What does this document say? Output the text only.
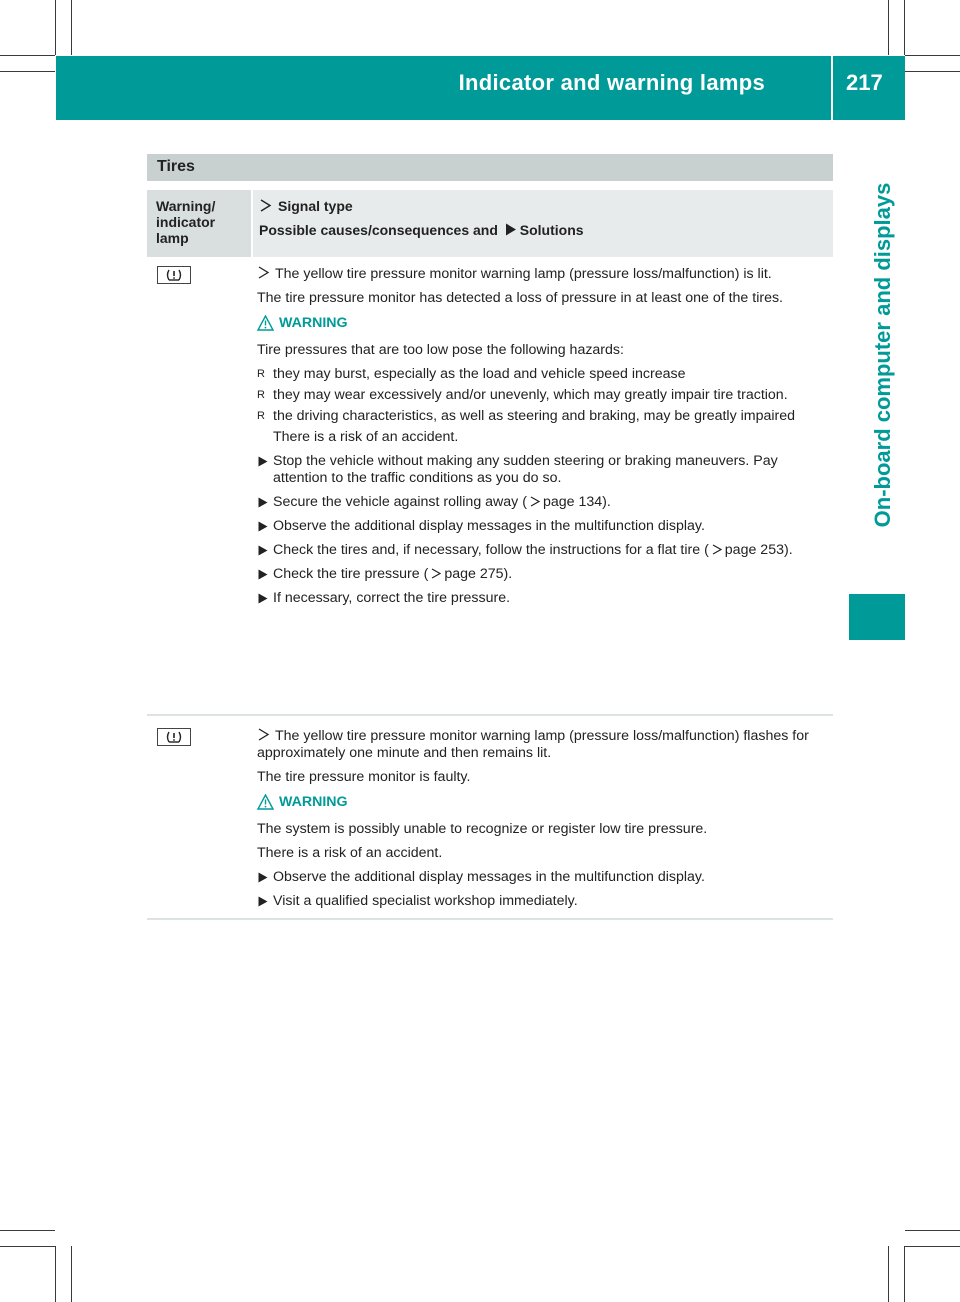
Indicator and warning lamps	217
On-board computer and displays
Tires
Warning/ indicator lamp
Signal type
Possible causes/consequences and Solutions

The yellow tire pressure monitor warning lamp (pressure loss/malfunction) is lit.

The tire pressure monitor has detected a loss of pressure in at least one of the tires.

WARNING

Tire pressures that are too low pose the following hazards:

R they may burst, especially as the load and vehicle speed increase

R they may wear excessively and/or unevenly, which may greatly impair tire traction.

R the driving characteristics, as well as steering and braking, may be greatly impaired

There is a risk of an accident.

Stop the vehicle without making any sudden steering or braking maneuvers. Pay attention to the traffic conditions as you do so.

Secure the vehicle against rolling away ( page 134).

Observe the additional display messages in the multifunction display.

Check the tires and, if necessary, follow the instructions for a flat tire ( page 253).

Check the tire pressure ( page 275).

If necessary, correct the tire pressure.

The yellow tire pressure monitor warning lamp (pressure loss/malfunction) flashes for approximately one minute and then remains lit.

The tire pressure monitor is faulty.

WARNING

The system is possibly unable to recognize or register low tire pressure.

There is a risk of an accident.

Observe the additional display messages in the multifunction display.

Visit a qualified specialist workshop immediately.
